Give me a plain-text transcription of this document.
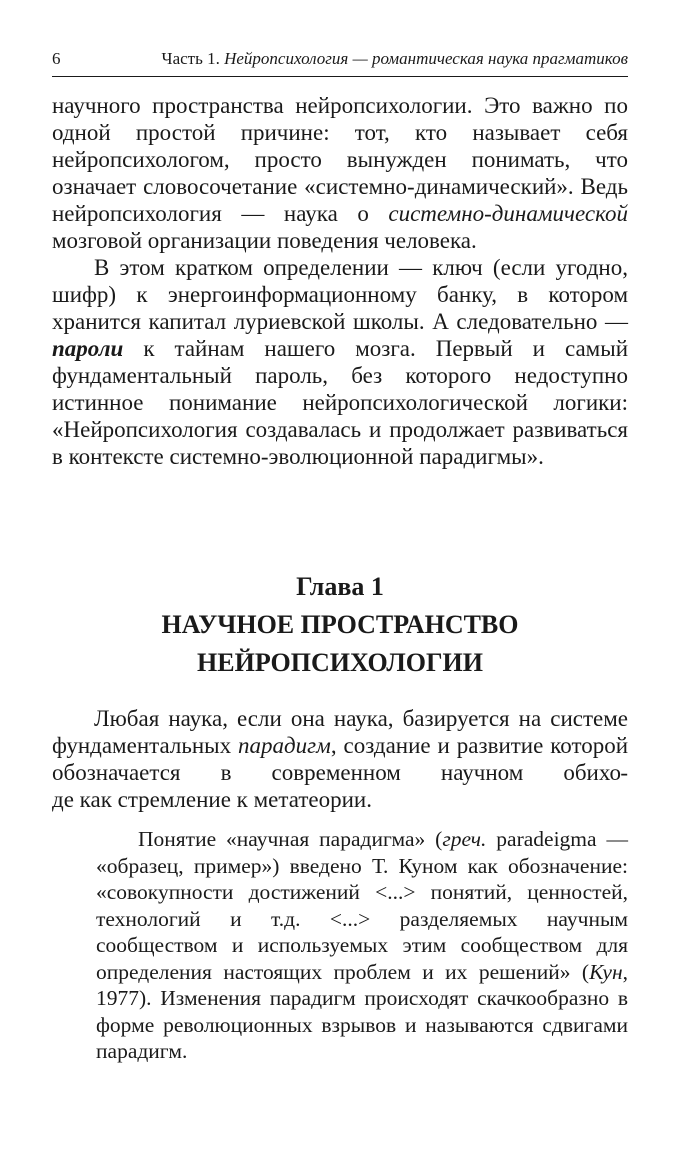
6	Часть 1. Нейропсихология — романтическая наука прагматиков

научного пространства нейропсихологии. Это важно по одной простой причине: тот, кто называет себя нейропсихологом, просто вынужден понимать, что означает словосочетание «системно-динамический». Ведь нейропсихология — наука о системно-динамической мозговой организации поведения человека.

В этом кратком определении — ключ (если угодно, шифр) к энергоинформационному банку, в котором хранится капитал луриевской школы. А следовательно — пароли к тайнам нашего мозга. Первый и самый фундаментальный пароль, без которого недоступно истинное понимание нейропсихологической логики: «Нейропсихология создавалась и продолжает развиваться в контексте системно-эволюционной парадигмы».

Глава 1
НАУЧНОЕ ПРОСТРАНСТВО
НЕЙРОПСИХОЛОГИИ

Любая наука, если она наука, базируется на системе фундаментальных парадигм, создание и развитие которой обозначается в современном научном обиходе как стремление к метатеории.

Понятие «научная парадигма» (греч. paradeigma — «образец, пример») введено Т. Куном как обозначение: «совокупности достижений <...> понятий, ценностей, технологий и т.д. <...> разделяемых научным сообществом и используемых этим сообществом для определения настоящих проблем и их решений» (Кун, 1977). Изменения парадигм происходят скачкообразно в форме революционных взрывов и называются сдвигами парадигм.
